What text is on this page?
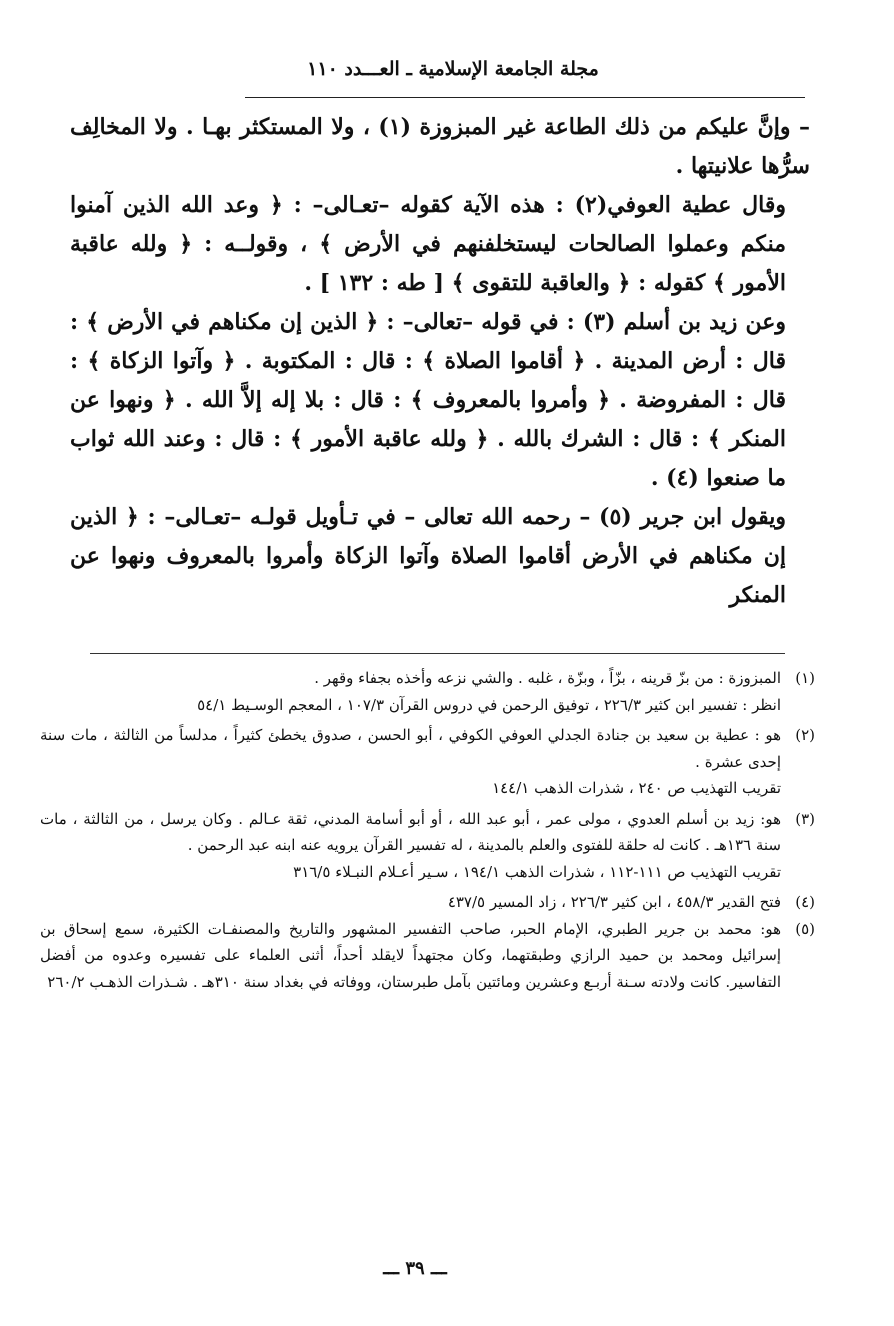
مجلة الجامعة الإسلامية ـ العـــدد ١١٠

– وإنَّ عليكم من ذلك الطاعة غير المبزوزة (١) ، ولا المستكثر بهـا . ولا المخالِف سرُّها علانيتها .

وقال عطية العوفي(٢) : هذه الآية كقوله –تعـالى– : ﴿ وعد الله الذين آمنوا منكم وعملوا الصالحات ليستخلفنهم في الأرض ﴾ ، وقولــه : ﴿ ولله عاقبة الأمور ﴾ كقوله : ﴿ والعاقبة للتقوى ﴾ [ طه : ١٣٢ ] .

وعن زيد بن أسلم (٣) : في قوله –تعالى– : ﴿ الذين إن مكناهم في الأرض ﴾ : قال : أرض المدينة . ﴿ أقاموا الصلاة ﴾ : قال : المكتوبة . ﴿ وآتوا الزكاة ﴾ : قال : المفروضة . ﴿ وأمروا بالمعروف ﴾ : قال : بلا إله إلاَّ الله . ﴿ ونهوا عن المنكر ﴾ : قال : الشرك بالله . ﴿ ولله عاقبة الأمور ﴾ : قال : وعند الله ثواب ما صنعوا (٤) .

ويقول ابن جرير (٥) – رحمه الله تعالى – في تـأويل قولـه –تعـالى– : ﴿ الذين إن مكناهم في الأرض أقاموا الصلاة وآتوا الزكاة وأمروا بالمعروف ونهوا عن المنكر

(١)

المبزوزة : من بزّ قرينه ، بزّاً ، وبزّة ، غلبه . والشي نزعه وأخذه بجفاء وقهر .

انظر : تفسير ابن كثير ٢٢٦/٣ ، توفيق الرحمن في دروس القرآن ١٠٧/٣ ، المعجم الوسـيط ٥٤/١

(٢)

هو : عطية بن سعيد بن جنادة الجدلي العوفي الكوفي ، أبو الحسن ، صدوق يخطئ كثيراً ، مدلساً من الثالثة ، مات سنة إحدى عشرة .

تقريب التهذيب ص ٢٤٠ ، شذرات الذهب ١٤٤/١

(٣)

هو: زيد بن أسلم العدوي ، مولى عمر ، أبو عبد الله ، أو أبو أسامة المدني، ثقة عـالم . وكان يرسل ، من الثالثة ، مات سنة ١٣٦هـ . كانت له حلقة للفتوى والعلم بالمدينة ، له تفسير القرآن يرويه عنه ابنه عبد الرحمن .

تقريب التهذيب ص ١١١-١١٢ ، شذرات الذهب ١٩٤/١ ، سـير أعـلام النبـلاء ٣١٦/٥

(٤)

فتح القدير ٤٥٨/٣ ، ابن كثير ٢٢٦/٣ ، زاد المسير ٤٣٧/٥

(٥)

هو: محمد بن جرير الطبري، الإمام الحبر، صاحب التفسير المشهور والتاريخ والمصنفـات الكثيرة، سمع إسحاق بن إسرائيل ومحمد بن حميد الرازي وطبقتهما، وكان مجتهداً لايقلد أحداً، أثنى العلماء على تفسيره وعدوه من أفضل التفاسير. كانت ولادته سـنة أربـع وعشرين ومائتين بآمل طبرستان، ووفاته في بغداد سنة ٣١٠هـ . شـذرات الذهـب ٢٦٠/٢

ـــ ٣٩ ـــ
